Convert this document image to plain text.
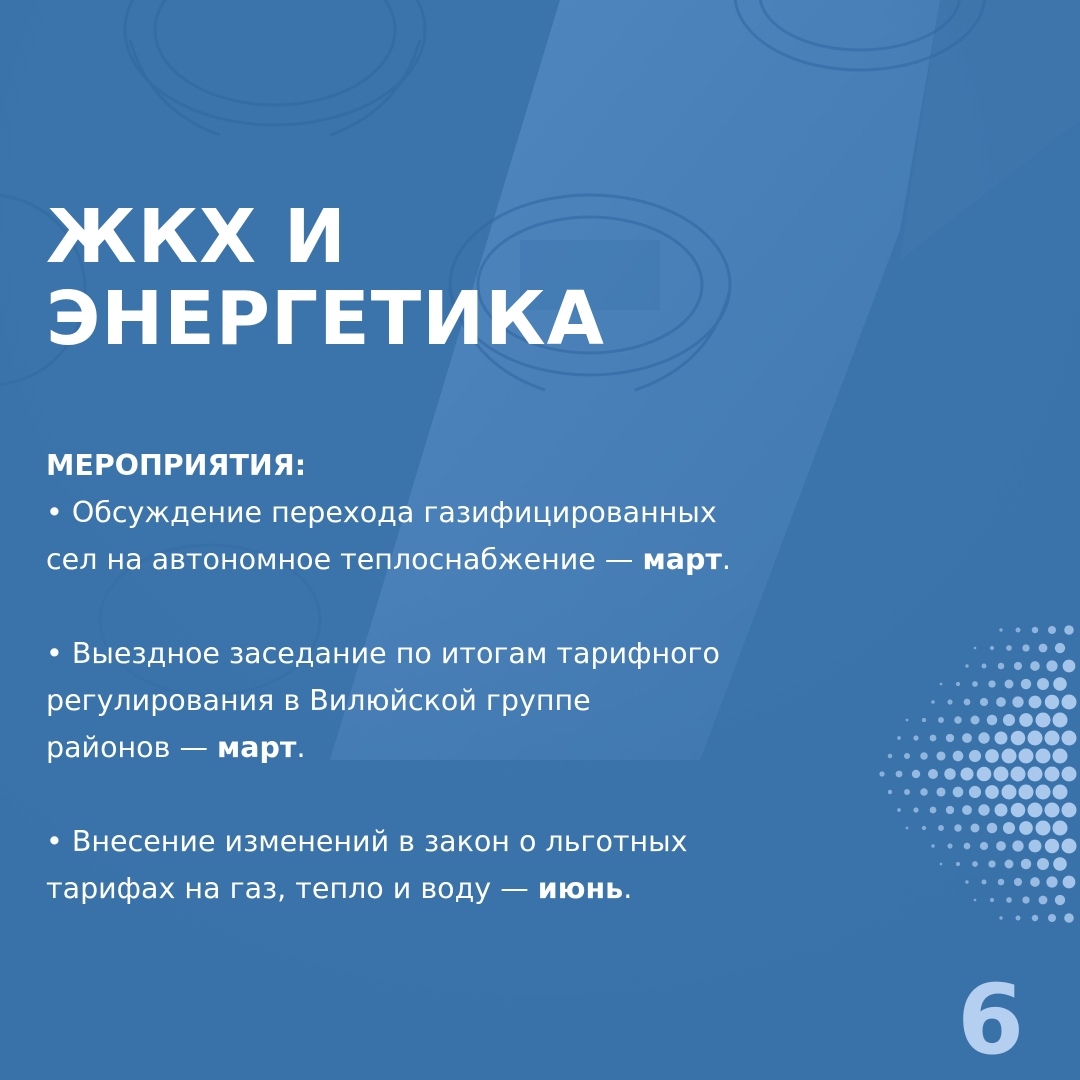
ЖКХ И
ЭНЕРГЕТИКА

МЕРОПРИЯТИЯ:

• Обсуждение перехода газифицированных

сел на автономное теплоснабжение — март.

• Выездное заседание по итогам тарифного

регулирования в Вилюйской группе

районов — март.

• Внесение изменений в закон о льготных

тарифах на газ, тепло и воду — июнь.

6
